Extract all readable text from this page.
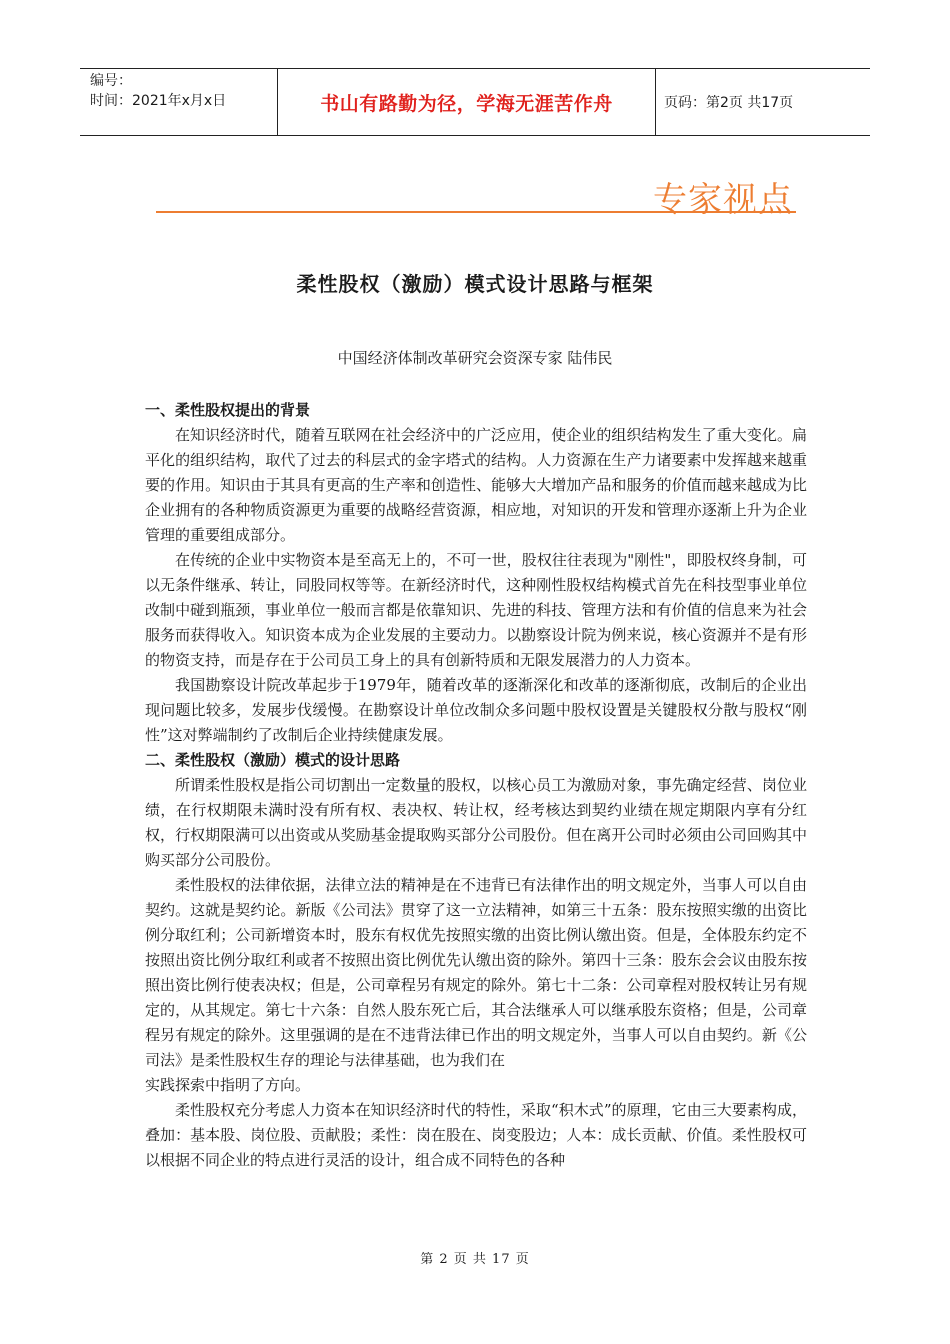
编号：
时间：2021年x月x日	书山有路勤为径，学海无涯苦作舟	页码：第2页 共17页
专家视点
柔性股权（激励）模式设计思路与框架
中国经济体制改革研究会资深专家 陆伟民
一、柔性股权提出的背景

在知识经济时代，随着互联网在社会经济中的广泛应用，使企业的组织结构发生了重大变化。扁平化的组织结构，取代了过去的科层式的金字塔式的结构。人力资源在生产力诸要素中发挥越来越重要的作用。知识由于其具有更高的生产率和创造性、能够大大增加产品和服务的价值而越来越成为比企业拥有的各种物质资源更为重要的战略经营资源，相应地，对知识的开发和管理亦逐渐上升为企业管理的重要组成部分。

在传统的企业中实物资本是至高无上的，不可一世，股权往往表现为"刚性"，即股权终身制，可以无条件继承、转让，同股同权等等。在新经济时代，这种刚性股权结构模式首先在科技型事业单位改制中碰到瓶颈，事业单位一般而言都是依靠知识、先进的科技、管理方法和有价值的信息来为社会服务而获得收入。知识资本成为企业发展的主要动力。以勘察设计院为例来说，核心资源并不是有形的物资支持，而是存在于公司员工身上的具有创新特质和无限发展潜力的人力资本。

我国勘察设计院改革起步于1979年，随着改革的逐渐深化和改革的逐渐彻底，改制后的企业出现问题比较多，发展步伐缓慢。在勘察设计单位改制众多问题中股权设置是关键股权分散与股权“刚性”这对弊端制约了改制后企业持续健康发展。

二、柔性股权（激励）模式的设计思路

所谓柔性股权是指公司切割出一定数量的股权，以核心员工为激励对象，事先确定经营、岗位业绩，在行权期限未满时没有所有权、表决权、转让权，经考核达到契约业绩在规定期限内享有分红权，行权期限满可以出资或从奖励基金提取购买部分公司股份。但在离开公司时必须由公司回购其中购买部分公司股份。

柔性股权的法律依据，法律立法的精神是在不违背已有法律作出的明文规定外，当事人可以自由契约。这就是契约论。新版《公司法》贯穿了这一立法精神，如第三十五条：股东按照实缴的出资比例分取红利；公司新增资本时，股东有权优先按照实缴的出资比例认缴出资。但是，全体股东约定不按照出资比例分取红利或者不按照出资比例优先认缴出资的除外。第四十三条：股东会会议由股东按照出资比例行使表决权；但是，公司章程另有规定的除外。第七十二条：公司章程对股权转让另有规定的，从其规定。第七十六条：自然人股东死亡后，其合法继承人可以继承股东资格；但是，公司章程另有规定的除外。这里强调的是在不违背法律已作出的明文规定外，当事人可以自由契约。新《公司法》是柔性股权生存的理论与法律基础，也为我们在

实践探索中指明了方向。

柔性股权充分考虑人力资本在知识经济时代的特性，采取“积木式”的原理，它由三大要素构成，叠加：基本股、岗位股、贡献股；柔性：岗在股在、岗变股边；人本：成长贡献、价值。柔性股权可以根据不同企业的特点进行灵活的设计，组合成不同特色的各种

第 2 页 共 17 页
